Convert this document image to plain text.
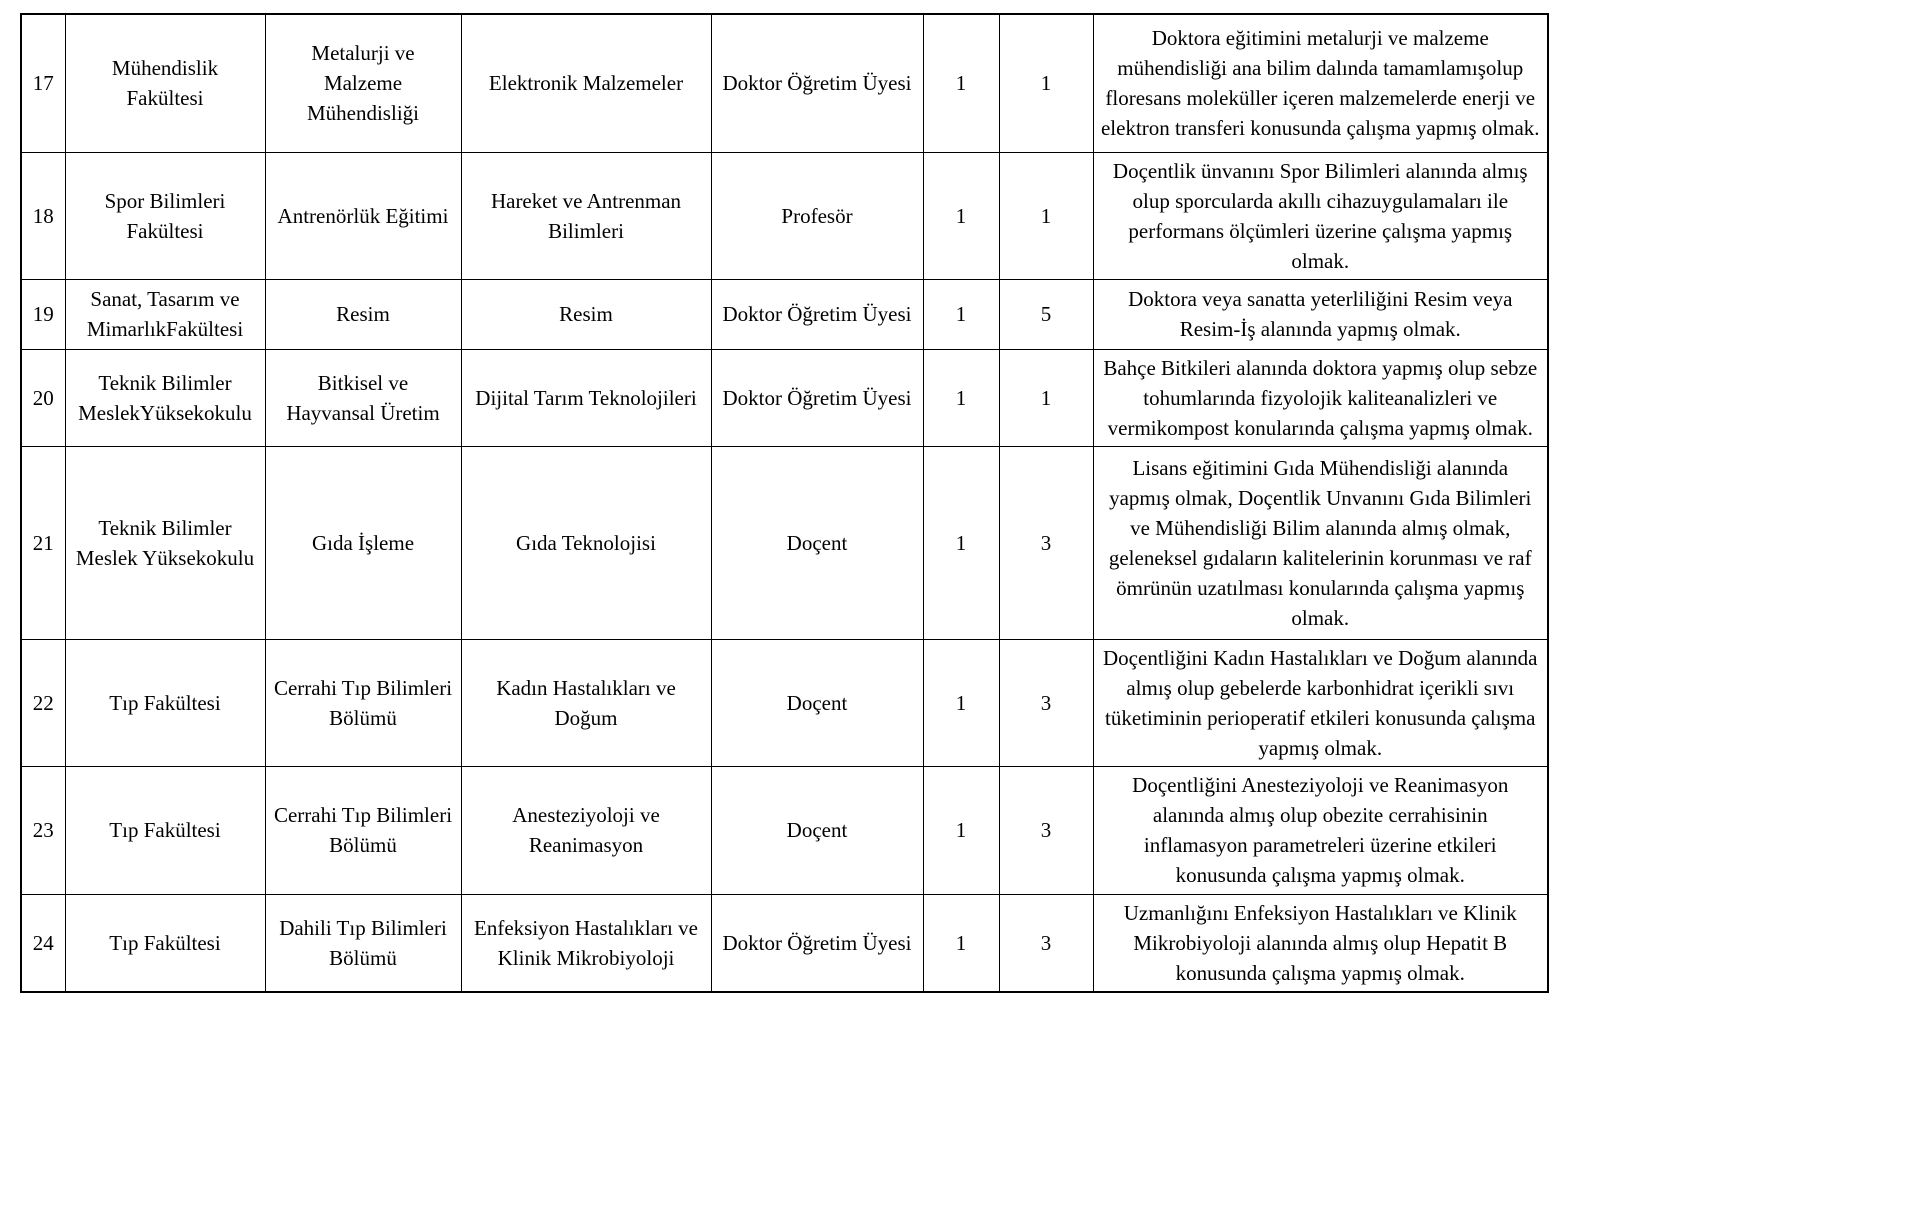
17	Mühendislik Fakültesi	Metalurji ve Malzeme Mühendisliği	Elektronik Malzemeler	Doktor Öğretim Üyesi	1	1	Doktora eğitimini metalurji ve malzeme mühendisliği ana bilim dalında tamamlamışolup floresans moleküller içeren malzemelerde enerji ve elektron transferi konusunda çalışma yapmış olmak.
18	Spor Bilimleri Fakültesi	Antrenörlük Eğitimi	Hareket ve Antrenman Bilimleri	Profesör	1	1	Doçentlik ünvanını Spor Bilimleri alanında almış olup sporcularda akıllı cihazuygulamaları ile performans ölçümleri üzerine çalışma yapmış olmak.
19	Sanat, Tasarım ve MimarlıkFakültesi	Resim	Resim	Doktor Öğretim Üyesi	1	5	Doktora veya sanatta yeterliliğini Resim veya Resim-İş alanında yapmış olmak.
20	Teknik Bilimler MeslekYüksekokulu	Bitkisel ve Hayvansal Üretim	Dijital Tarım Teknolojileri	Doktor Öğretim Üyesi	1	1	Bahçe Bitkileri alanında doktora yapmış olup sebze tohumlarında fizyolojik kaliteanalizleri ve vermikompost konularında çalışma yapmış olmak.
21	Teknik Bilimler Meslek Yüksekokulu	Gıda İşleme	Gıda Teknolojisi	Doçent	1	3	Lisans eğitimini Gıda Mühendisliği alanında yapmış olmak, Doçentlik Unvanını Gıda Bilimleri ve Mühendisliği Bilim alanında almış olmak, geleneksel gıdaların kalitelerinin korunması ve raf ömrünün uzatılması konularında çalışma yapmış olmak.
22	Tıp Fakültesi	Cerrahi Tıp Bilimleri Bölümü	Kadın Hastalıkları ve Doğum	Doçent	1	3	Doçentliğini Kadın Hastalıkları ve Doğum alanında almış olup gebelerde karbonhidrat içerikli sıvı tüketiminin perioperatif etkileri konusunda çalışma yapmış olmak.
23	Tıp Fakültesi	Cerrahi Tıp Bilimleri Bölümü	Anesteziyoloji ve Reanimasyon	Doçent	1	3	Doçentliğini Anesteziyoloji ve Reanimasyon alanında almış olup obezite cerrahisinin inflamasyon parametreleri üzerine etkileri konusunda çalışma yapmış olmak.
24	Tıp Fakültesi	Dahili Tıp Bilimleri Bölümü	Enfeksiyon Hastalıkları ve Klinik Mikrobiyoloji	Doktor Öğretim Üyesi	1	3	Uzmanlığını Enfeksiyon Hastalıkları ve Klinik Mikrobiyoloji alanında almış olup Hepatit B konusunda çalışma yapmış olmak.
